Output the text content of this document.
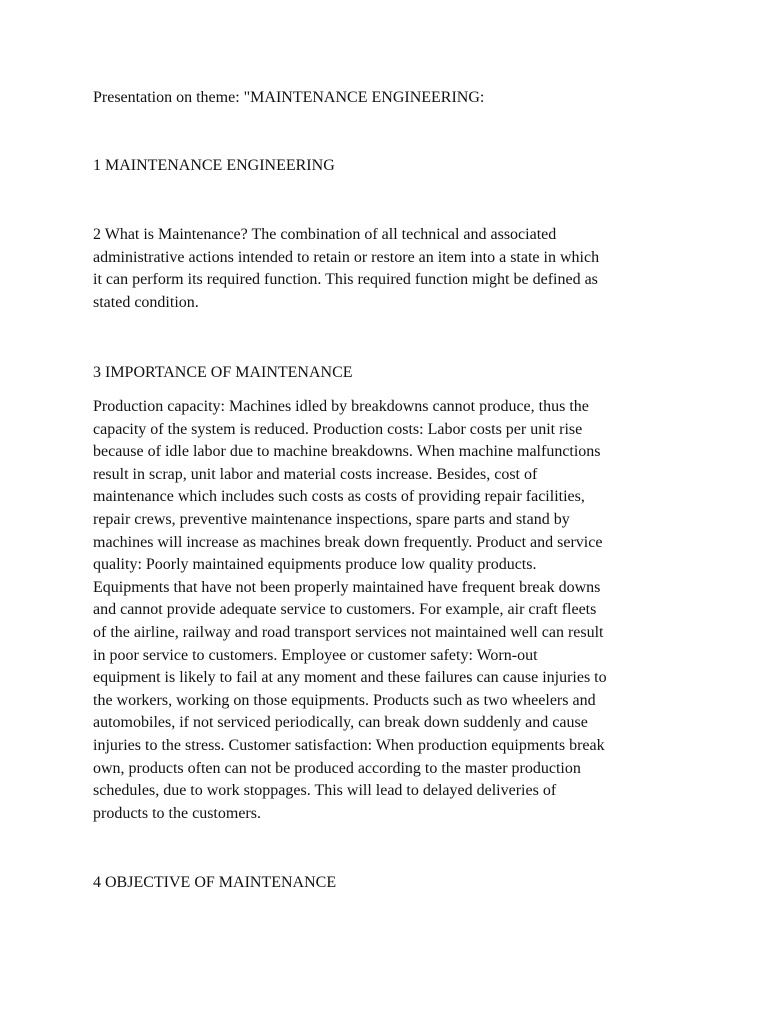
Presentation on theme: "MAINTENANCE ENGINEERING:

1 MAINTENANCE ENGINEERING

2 What is Maintenance? The combination of all technical and associated
administrative actions intended to retain or restore an item into a state in which
it can perform its required function. This required function might be defined as
stated condition.

3 IMPORTANCE OF MAINTENANCE

Production capacity: Machines idled by breakdowns cannot produce, thus the
capacity of the system is reduced. Production costs: Labor costs per unit rise
because of idle labor due to machine breakdowns. When machine malfunctions
result in scrap, unit labor and material costs increase. Besides, cost of
maintenance which includes such costs as costs of providing repair facilities,
repair crews, preventive maintenance inspections, spare parts and stand by
machines will increase as machines break down frequently. Product and service
quality: Poorly maintained equipments produce low quality products.
Equipments that have not been properly maintained have frequent break downs
and cannot provide adequate service to customers. For example, air craft fleets
of the airline, railway and road transport services not maintained well can result
in poor service to customers. Employee or customer safety: Worn-out
equipment is likely to fail at any moment and these failures can cause injuries to
the workers, working on those equipments. Products such as two wheelers and
automobiles, if not serviced periodically, can break down suddenly and cause
injuries to the stress. Customer satisfaction: When production equipments break
own, products often can not be produced according to the master production
schedules, due to work stoppages. This will lead to delayed deliveries of
products to the customers.

4 OBJECTIVE OF MAINTENANCE
